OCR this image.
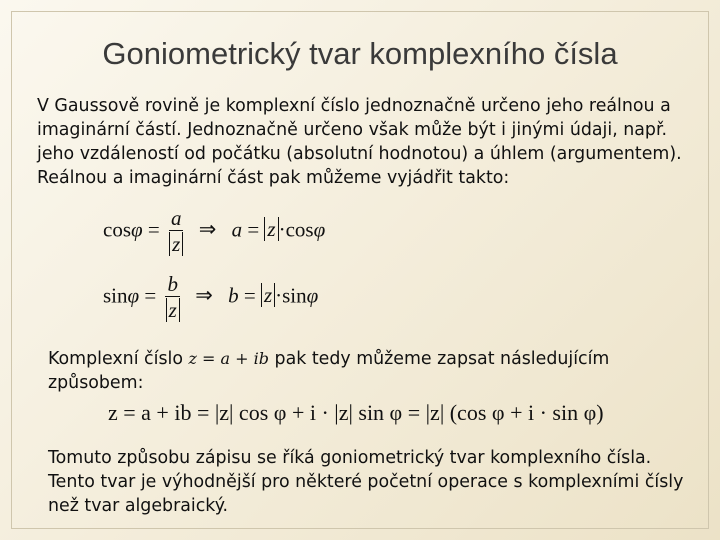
Goniometrický tvar komplexního čísla
V Gaussově rovině je komplexní číslo jednoznačně určeno jeho reálnou a imaginární částí. Jednoznačně určeno však může být i jinými údaji, např. jeho vzdáleností od počátku (absolutní hodnotou) a úhlem (argumentem). Reálnou a imaginární část pak můžeme vyjádřit takto:
$\cos\varphi = \frac{a}{z}$ ⇒ a = z ·cosφ
$\sin\varphi = \frac{b}{z}$ ⇒ b = z ·sinφ
Komplexní číslo z = a + ib pak tedy můžeme zapsat následujícím způsobem:
z = a + ib = |z| cos φ + i · |z| sin φ = |z| (cos φ + i · sin φ)
Tomuto způsobu zápisu se říká goniometrický tvar komplexního čísla. Tento tvar je výhodnější pro některé početní operace s komplexními čísly než tvar algebraický.
